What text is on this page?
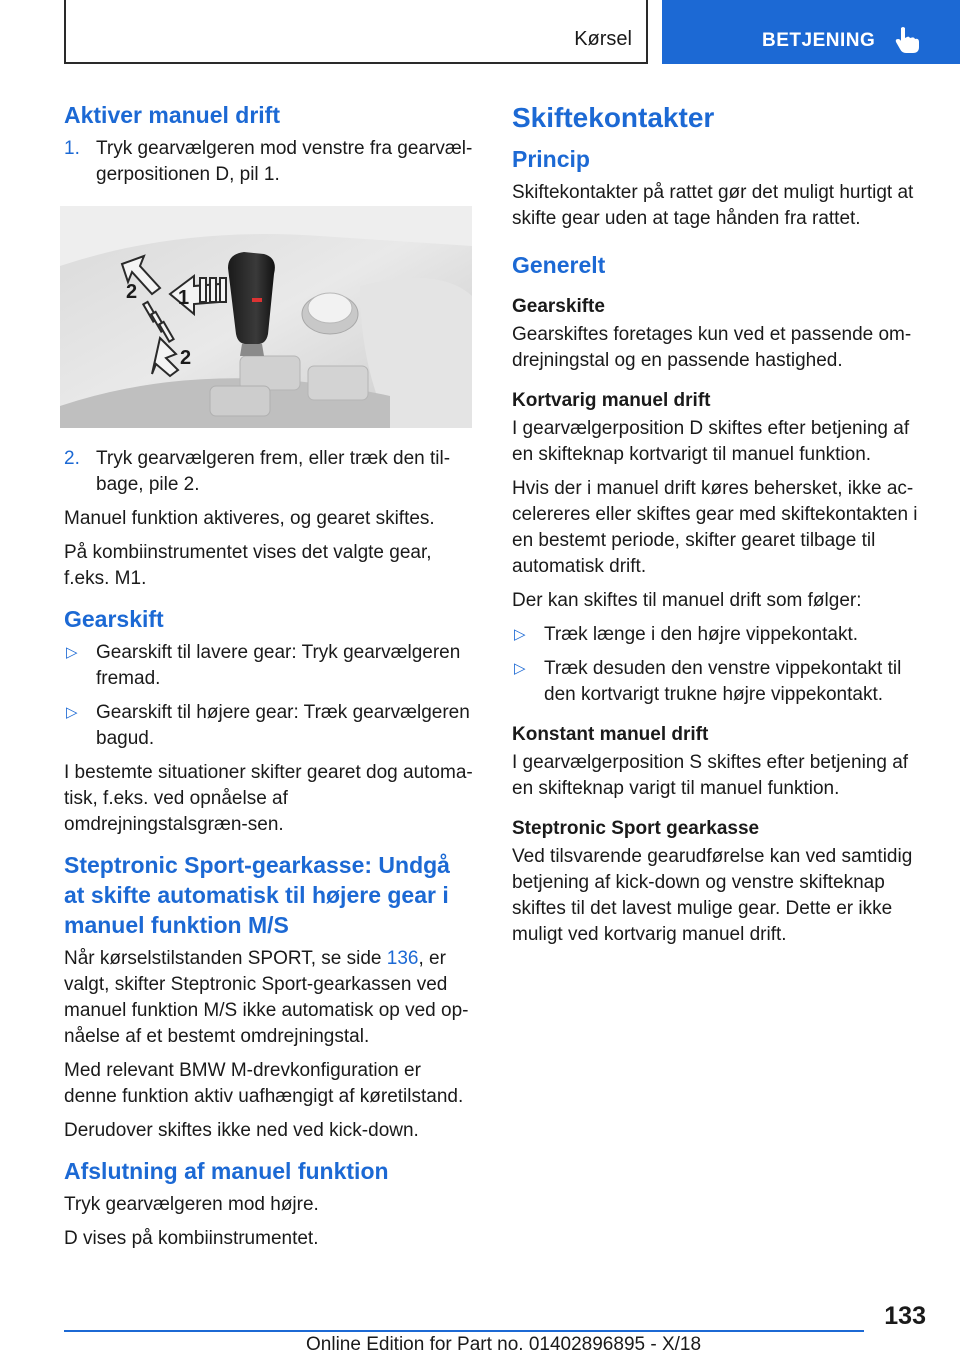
Kørsel	BETJENING
Aktiver manuel drift
1. Tryk gearvælgeren mod venstre fra gearvæl-gerpositionen D, pil 1.
1
2
2
2. Tryk gearvælgeren frem, eller træk den til-bage, pile 2.

Manuel funktion aktiveres, og gearet skiftes.

På kombiinstrumentet vises det valgte gear, f.eks. M1.

Gearskift
▷ Gearskift til lavere gear: Tryk gearvælgeren fremad.
▷ Gearskift til højere gear: Træk gearvælgeren bagud.

I bestemte situationer skifter gearet dog automa-tisk, f.eks. ved opnåelse af omdrejningstalsgræn-sen.

Steptronic Sport-gearkasse: Undgå at skifte automatisk til højere gear i manuel funktion M/S

Når kørselstilstanden SPORT, se side 136, er valgt, skifter Steptronic Sport-gearkassen ved manuel funktion M/S ikke automatisk op ved op-nåelse af et bestemt omdrejningstal.

Med relevant BMW M-drevkonfiguration er denne funktion aktiv uafhængigt af køretilstand.

Derudover skiftes ikke ned ved kick-down.

Afslutning af manuel funktion

Tryk gearvælgeren mod højre.

D vises på kombiinstrumentet.

Skiftekontakter
Princip

Skiftekontakter på rattet gør det muligt hurtigt at skifte gear uden at tage hånden fra rattet.

Generelt
Gearskifte

Gearskiftes foretages kun ved et passende om-drejningstal og en passende hastighed.

Kortvarig manuel drift

I gearvælgerposition D skiftes efter betjening af en skifteknap kortvarigt til manuel funktion.

Hvis der i manuel drift køres behersket, ikke ac-celereres eller skiftes gear med skiftekontakten i en bestemt periode, skifter gearet tilbage til automatisk drift.

Der kan skiftes til manuel drift som følger:

▷ Træk længe i den højre vippekontakt.
▷ Træk desuden den venstre vippekontakt til den kortvarigt trukne højre vippekontakt.
Konstant manuel drift

I gearvælgerposition S skiftes efter betjening af en skifteknap varigt til manuel funktion.

Steptronic Sport gearkasse

Ved tilsvarende gearudførelse kan ved samtidig betjening af kick-down og venstre skifteknap skiftes til det lavest mulige gear. Dette er ikke muligt ved kortvarig manuel drift.

133
Online Edition for Part no. 01402896895 - X/18
